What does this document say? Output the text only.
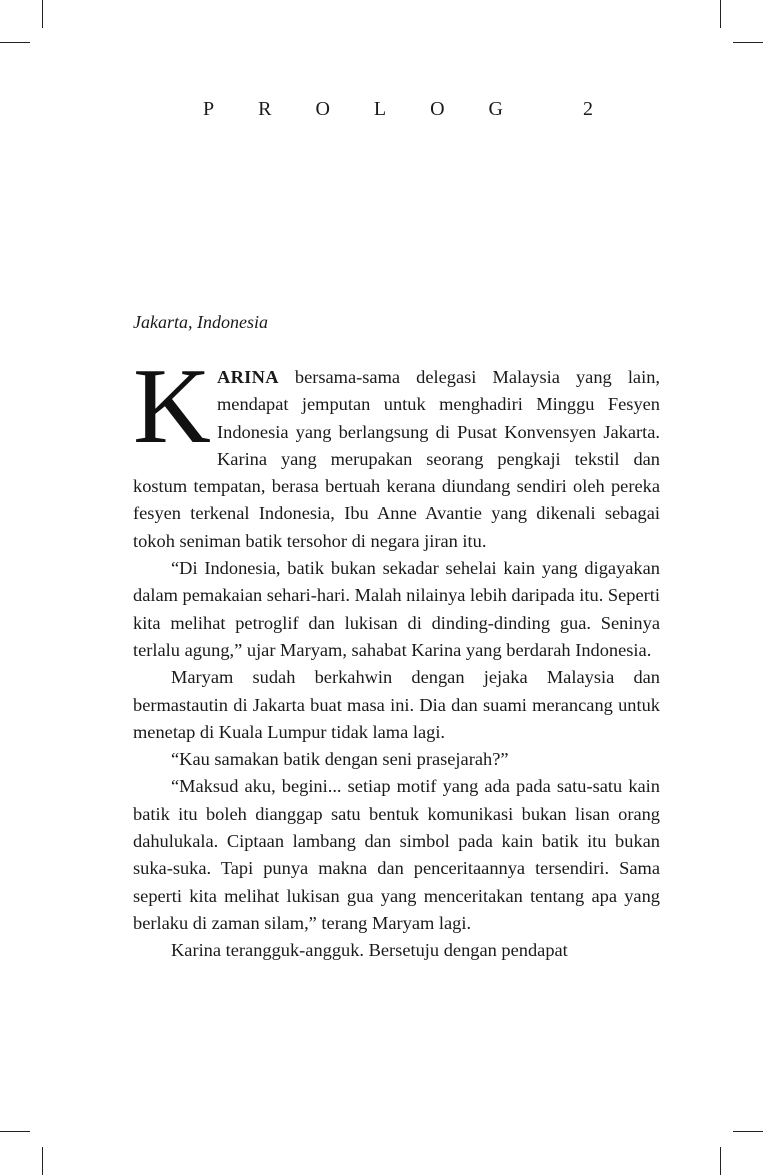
P R O L O G	2
Jakarta, Indonesia

KARINA bersama-sama delegasi Malaysia yang lain, mendapat jemputan untuk menghadiri Minggu Fesyen Indonesia yang berlangsung di Pusat Konvensyen Jakarta. Karina yang merupakan seorang pengkaji tekstil dan kostum tempatan, berasa bertuah kerana diundang sendiri oleh pereka fesyen terkenal Indonesia, Ibu Anne Avantie yang dikenali sebagai tokoh seniman batik tersohor di negara jiran itu.

“Di Indonesia, batik bukan sekadar sehelai kain yang digayakan dalam pemakaian sehari-hari. Malah nilainya lebih daripada itu. Seperti kita melihat petroglif dan lukisan di dinding-dinding gua. Seninya terlalu agung,” ujar Maryam, sahabat Karina yang berdarah Indonesia.

Maryam sudah berkahwin dengan jejaka Malaysia dan bermastautin di Jakarta buat masa ini. Dia dan suami merancang untuk menetap di Kuala Lumpur tidak lama lagi.

“Kau samakan batik dengan seni prasejarah?”

“Maksud aku, begini... setiap motif yang ada pada satu-satu kain batik itu boleh dianggap satu bentuk komunikasi bukan lisan orang dahulukala. Ciptaan lambang dan simbol pada kain batik itu bukan suka-suka. Tapi punya makna dan penceritaannya tersendiri. Sama seperti kita melihat lukisan gua yang menceritakan tentang apa yang berlaku di zaman silam,” terang Maryam lagi.

Karina terangguk-angguk. Bersetuju dengan pendapat
